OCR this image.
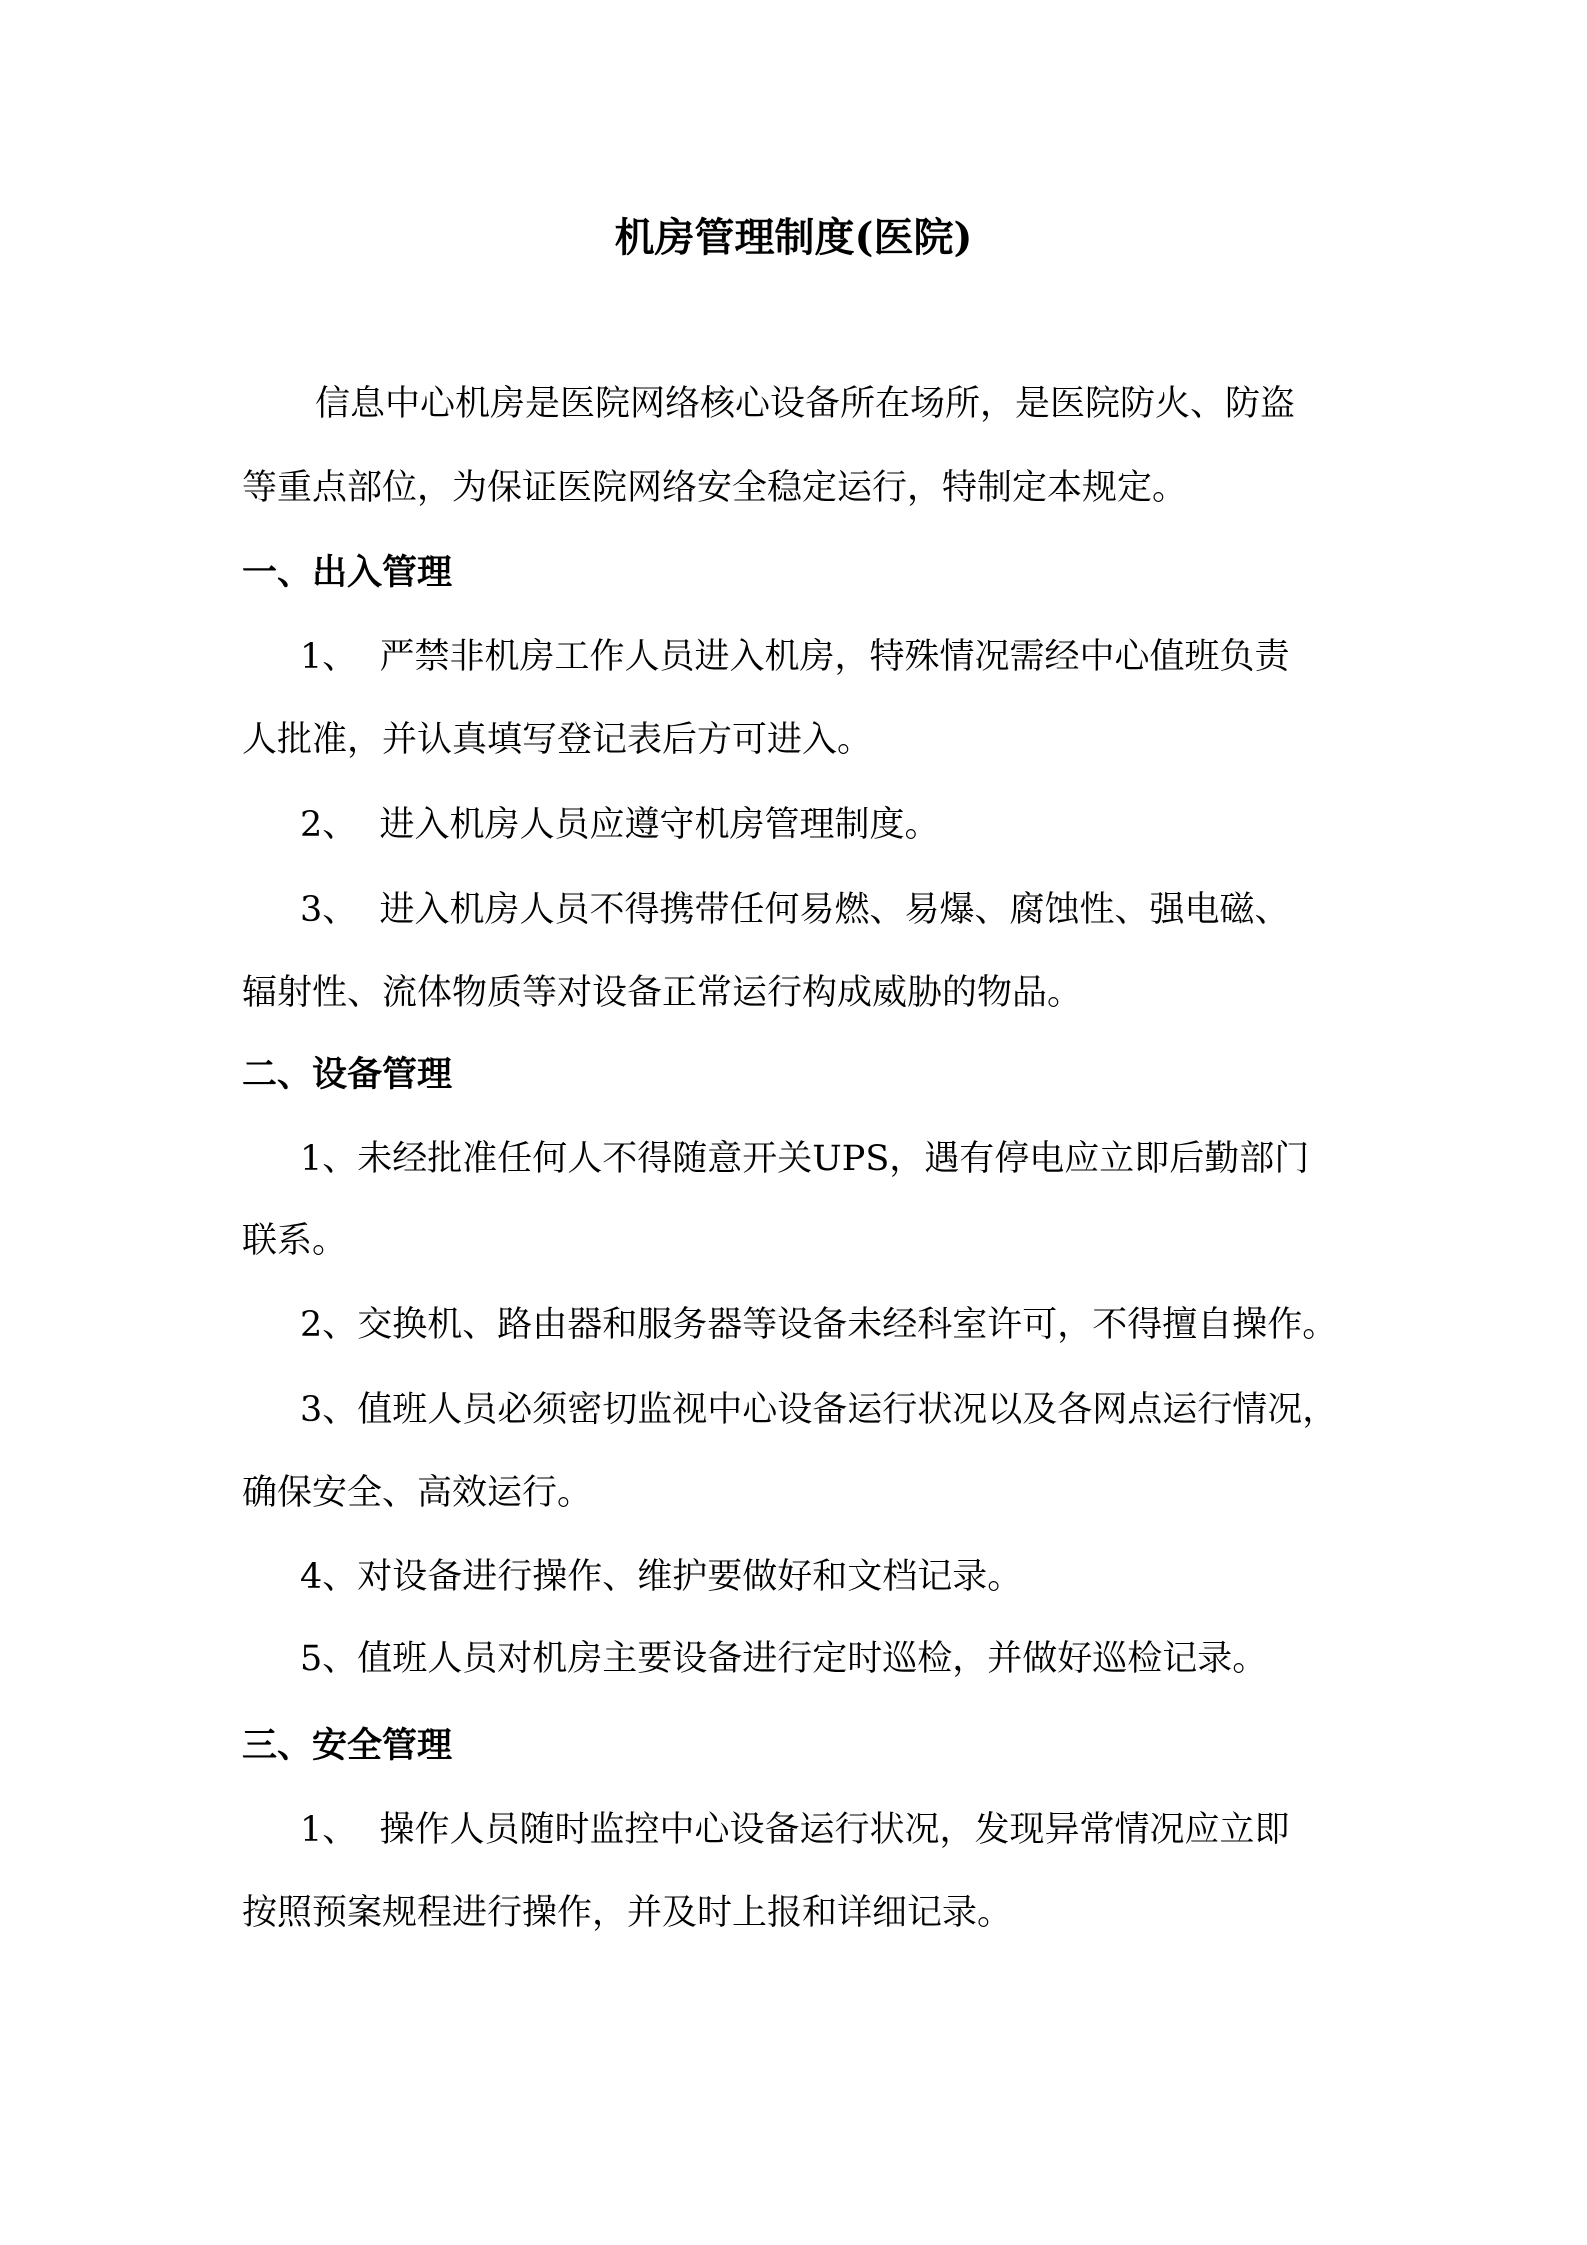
机房管理制度(医院)
信息中心机房是医院网络核心设备所在场所，是医院防火、防盗
等重点部位，为保证医院网络安全稳定运行，特制定本规定。
一、出入管理
1、  严禁非机房工作人员进入机房，特殊情况需经中心值班负责
人批准，并认真填写登记表后方可进入。
2、  进入机房人员应遵守机房管理制度。
3、  进入机房人员不得携带任何易燃、易爆、腐蚀性、强电磁、
辐射性、流体物质等对设备正常运行构成威胁的物品。
二、设备管理
1、未经批准任何人不得随意开关UPS，遇有停电应立即后勤部门
联系。
2、交换机、路由器和服务器等设备未经科室许可，不得擅自操作。
3、值班人员必须密切监视中心设备运行状况以及各网点运行情况，
确保安全、高效运行。
4、对设备进行操作、维护要做好和文档记录。
5、值班人员对机房主要设备进行定时巡检，并做好巡检记录。
三、安全管理
1、  操作人员随时监控中心设备运行状况，发现异常情况应立即
按照预案规程进行操作，并及时上报和详细记录。
